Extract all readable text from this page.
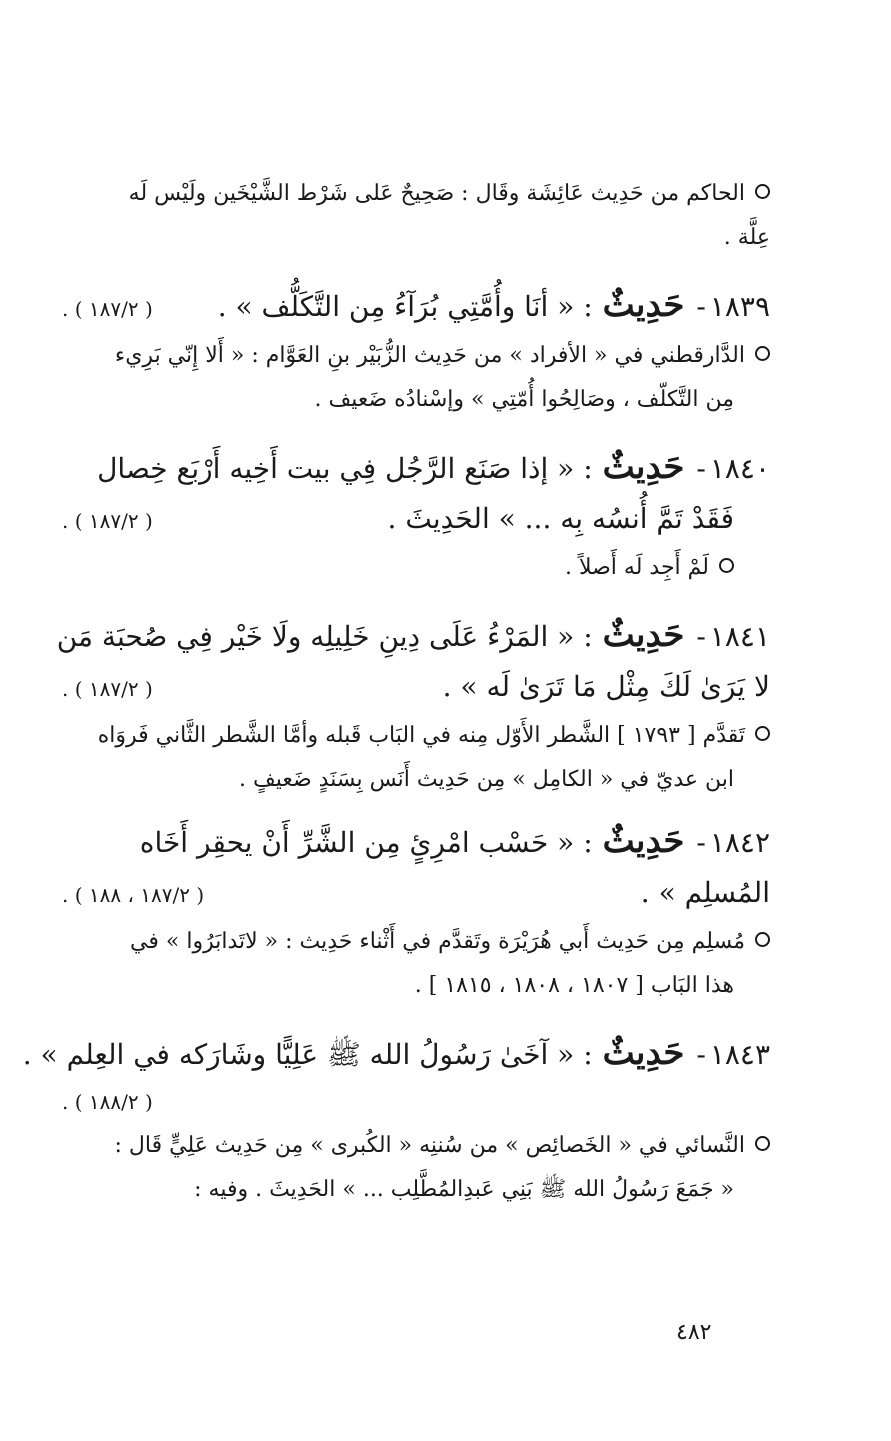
الحاكم من حَدِيث عَائِشَة وقَال : صَحِيحٌ عَلى شَرْط الشَّيْخَين ولَيْس لَه
عِلَّة .
١٨٣٩
-
حَدِيثٌ
: « أنَا وأُمَّتِي بُرَآءُ مِن التَّكَلُّف » .
( ١٨٧/٢ ) .
الدَّارقطني في « الأفراد » من حَدِيث الزُّبَيْر بنِ العَوَّام : « أَلا إِنّي بَرِيء
مِن التَّكلّف ، وصَالِحُوا أُمّتِي » وإسْنادُه ضَعيف .
١٨٤٠
-
حَدِيثٌ
: « إذا صَنَع الرَّجُل فِي بيت أَخِيه أَرْبَع خِصال
فَقَدْ تَمَّ أُنسُه بِه ... » الحَدِيثَ .
( ١٨٧/٢ ) .
لَمْ أَجِد لَه أَصلاً .
١٨٤١
-
حَدِيثٌ
: « المَرْءُ عَلَى دِينِ خَلِيلِه ولَا خَيْر فِي صُحبَة مَن
لا يَرَىٰ لَكَ مِثْل مَا تَرَىٰ لَه » .
( ١٨٧/٢ ) .
تَقدَّم [ ١٧٩٣ ] الشَّطر الأَوّل مِنه في البَاب قَبله وأمَّا الشَّطر الثَّاني فَروَاه
ابن عديّ في « الكامِل » مِن حَدِيث أَنَس بِسَنَدٍ ضَعيفٍ .
١٨٤٢
-
حَدِيثٌ
: « حَسْب امْرِئٍ مِن الشَّرِّ أَنْ يحقِر أَخَاه
المُسلِم » .
( ١٨٧/٢ ، ١٨٨ ) .
مُسلِم مِن حَدِيث أَبي هُرَيْرَة وتَقدَّم في أَثْناء حَدِيث : « لاتَدابَرُوا » في
هذا البَاب [ ١٨٠٧ ، ١٨٠٨ ، ١٨١٥ ] .
١٨٤٣
-
حَدِيثٌ
: « آخَىٰ رَسُولُ الله ﷺ عَلِيًّا وشَارَكه في العِلم » .
( ١٨٨/٢ ) .
النَّسائي في « الخَصائِص » من سُننِه « الكُبرى » مِن حَدِيث عَلِيٍّ قَال :
« جَمَعَ رَسُولُ الله ﷺ بَنِي عَبدِالمُطَّلِب ... » الحَدِيثَ . وفيه :
٤٨٢
